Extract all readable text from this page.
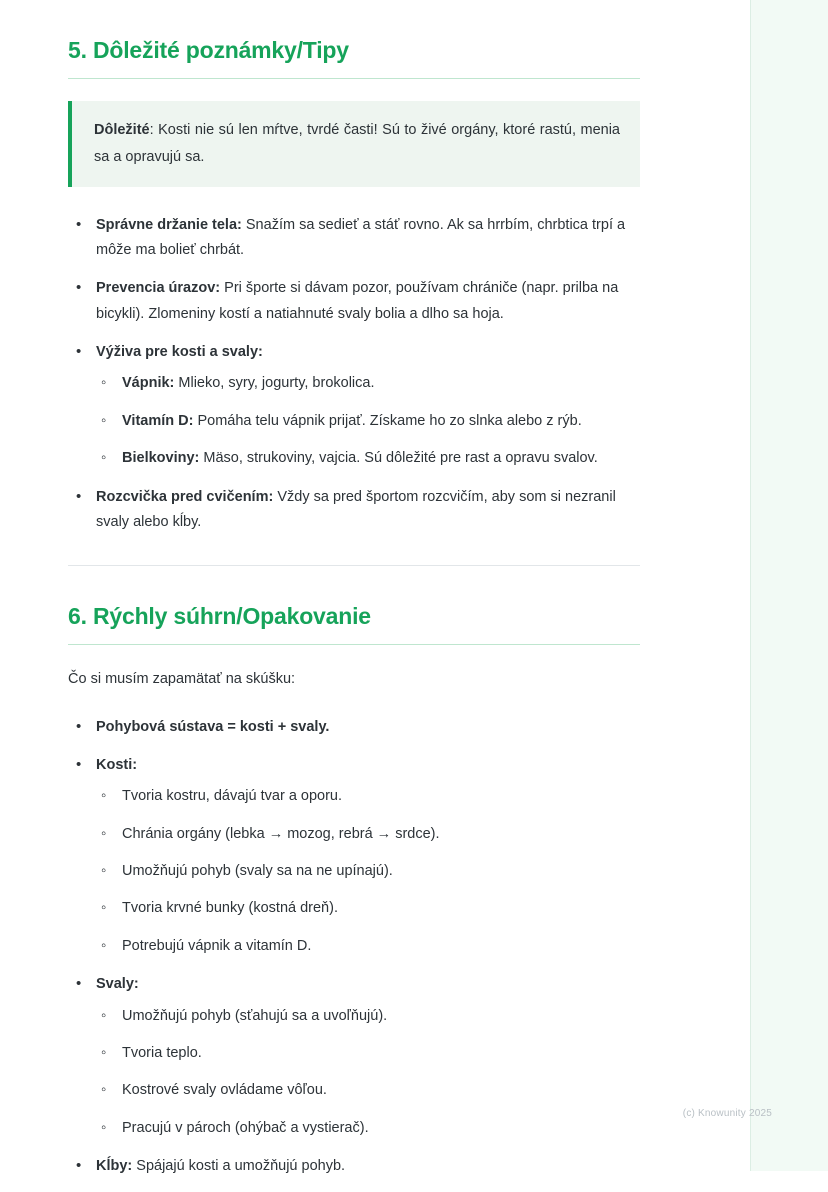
5. Dôležité poznámky/Tipy

Dôležité: Kosti nie sú len mŕtve, tvrdé časti! Sú to živé orgány, ktoré rastú, menia sa a opravujú sa.

• Správne držanie tela: Snažím sa sedieť a stáť rovno. Ak sa hrrbím, chrbtica trpí a môže ma bolieť chrbát.
• Prevencia úrazov: Pri športe si dávam pozor, používam chrániče (napr. prilba na bicykli). Zlomeniny kostí a natiahnuté svaly bolia a dlho sa hoja.
• Výživa pre kosti a svaly:
◦ Vápnik: Mlieko, syry, jogurty, brokolica.
◦ Vitamín D: Pomáha telu vápnik prijať. Získame ho zo slnka alebo z rýb.
◦ Bielkoviny: Mäso, strukoviny, vajcia. Sú dôležité pre rast a opravu svalov.
• Rozcvička pred cvičením: Vždy sa pred športom rozcvičím, aby som si nezranil svaly alebo kĺby.
6. Rýchly súhrn/Opakovanie

Čo si musím zapamätať na skúšku:

• Pohybová sústava = kosti + svaly.
• Kosti:
◦ Tvoria kostru, dávajú tvar a oporu.
◦ Chránia orgány (lebka → mozog, rebrá → srdce).
◦ Umožňujú pohyb (svaly sa na ne upínajú).
◦ Tvoria krvné bunky (kostná dreň).
◦ Potrebujú vápnik a vitamín D.
• Svaly:
◦ Umožňujú pohyb (sťahujú sa a uvoľňujú).
◦ Tvoria teplo.
◦ Kostrové svaly ovládame vôľou.
◦ Pracujú v pároch (ohýbač a vystierač).
• Kĺby: Spájajú kosti a umožňujú pohyb.
(c) Knowunity 2025
